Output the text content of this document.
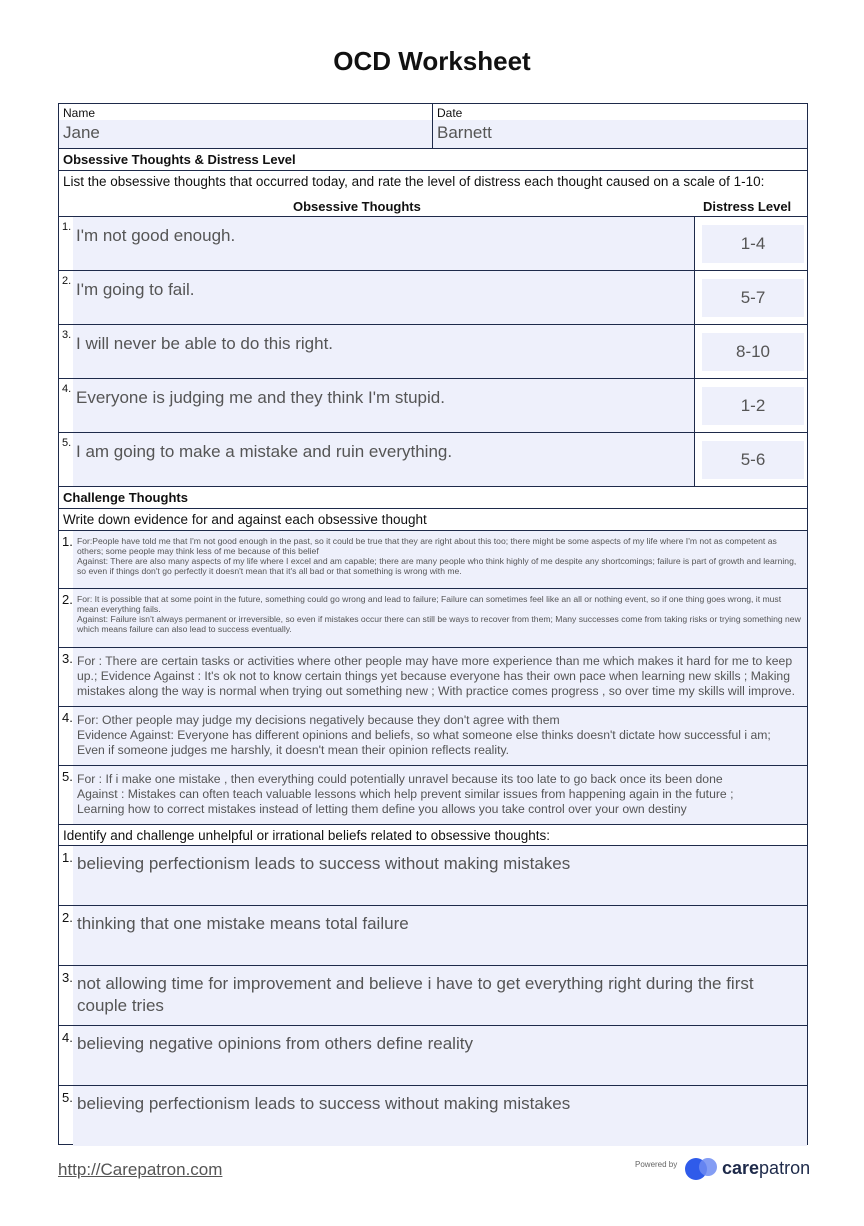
OCD Worksheet
Name
Jane
Date
Barnett
Obsessive Thoughts & Distress Level
List the obsessive thoughts that occurred today, and rate the level of distress each thought caused on a scale of 1-10:
Obsessive Thoughts	Distress Level
1. I'm not good enough.	1-4
2. I'm going to fail.	5-7
3. I will never be able to do this right.	8-10
4. Everyone is judging me and they think I'm stupid.	1-2
5. I am going to make a mistake and ruin everything.	5-6
Challenge Thoughts
Write down evidence for and against each obsessive thought
1. For:People have told me that I'm not good enough in the past, so it could be true that they are right about this too; there might be some aspects of my life where I'm not as competent as others; some people may think less of me because of this belief
Against: There are also many aspects of my life where I excel and am capable; there are many people who think highly of me despite any shortcomings; failure is part of growth and learning, so even if things don't go perfectly it doesn't mean that it's all bad or that something is wrong with me.
2. For: It is possible that at some point in the future, something could go wrong and lead to failure; Failure can sometimes feel like an all or nothing event, so if one thing goes wrong, it must mean everything fails.
Against: Failure isn't always permanent or irreversible, so even if mistakes occur there can still be ways to recover from them; Many successes come from taking risks or trying something new which means failure can also lead to success eventually.
3. For : There are certain tasks or activities where other people may have more experience than me which makes it hard for me to keep up.; Evidence Against : It's ok not to know certain things yet because everyone has their own pace when learning new skills ; Making mistakes along the way is normal when trying out something new ; With practice comes progress , so over time my skills will improve.
4. For: Other people may judge my decisions negatively because they don't agree with them
Evidence Against: Everyone has different opinions and beliefs, so what someone else thinks doesn't dictate how successful i am; Even if someone judges me harshly, it doesn't mean their opinion reflects reality.
5. For : If i make one mistake , then everything could potentially unravel because its too late to go back once its been done
Against : Mistakes can often teach valuable lessons which help prevent similar issues from happening again in the future ;
Learning how to correct mistakes instead of letting them define you allows you take control over your own destiny
Identify and challenge unhelpful or irrational beliefs related to obsessive thoughts:
1. believing perfectionism leads to success without making mistakes
2. thinking that one mistake means total failure
3. not allowing time for improvement and believe i have to get everything right during the first couple tries
4. believing negative opinions from others define reality
5. believing perfectionism leads to success without making mistakes
http://Carepatron.com	Powered by carepatron
